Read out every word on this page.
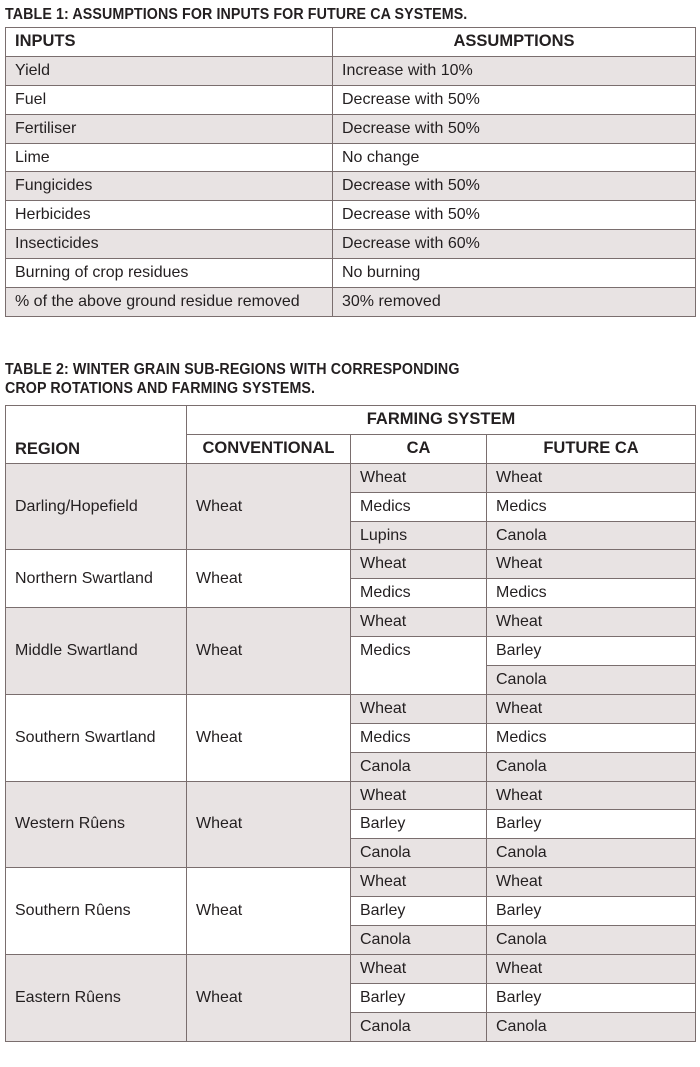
TABLE 1: ASSUMPTIONS FOR INPUTS FOR FUTURE CA SYSTEMS.
INPUTS	ASSUMPTIONS
Yield	Increase with 10%
Fuel	Decrease with 50%
Fertiliser	Decrease with 50%
Lime	No change
Fungicides	Decrease with 50%
Herbicides	Decrease with 50%
Insecticides	Decrease with 60%
Burning of crop residues	No burning
% of the above ground residue removed	30% removed
TABLE 2: WINTER GRAIN SUB-REGIONS WITH CORRESPONDING
CROP ROTATIONS AND FARMING SYSTEMS.
REGION	FARMING SYSTEM		
	CONVENTIONAL	CA	FUTURE CA
Darling/Hopefield	Wheat	Wheat	Wheat
		Medics	Medics
		Lupins	Canola
Northern Swartland	Wheat	Wheat	Wheat
		Medics	Medics
Middle Swartland	Wheat	Wheat	Wheat
		Medics	Barley
			Canola
Southern Swartland	Wheat	Wheat	Wheat
		Medics	Medics
		Canola	Canola
Western Rûens	Wheat	Wheat	Wheat
		Barley	Barley
		Canola	Canola
Southern Rûens	Wheat	Wheat	Wheat
		Barley	Barley
		Canola	Canola
Eastern Rûens	Wheat	Wheat	Wheat
		Barley	Barley
		Canola	Canola
